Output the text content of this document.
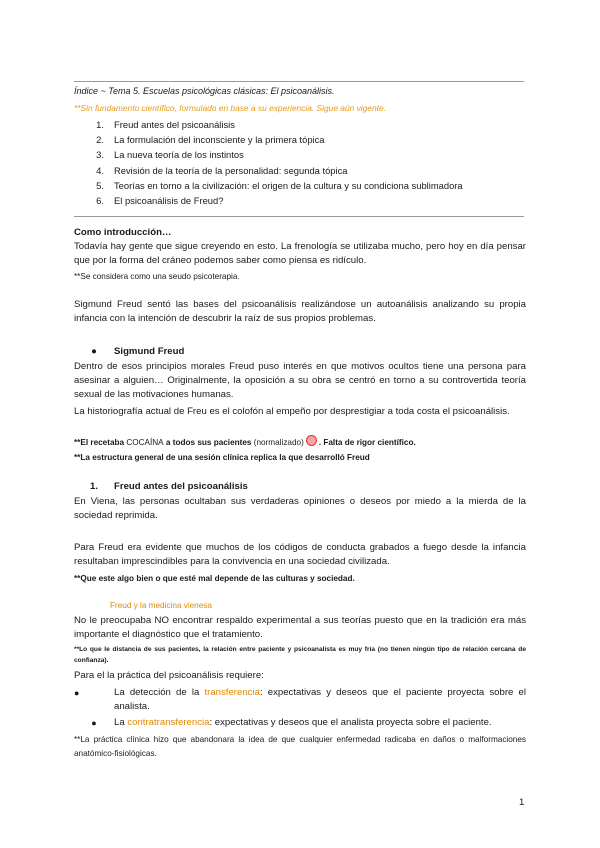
Índice ~ Tema 5. Escuelas psicológicas clásicas: El psicoanálisis.
**Sin fundamento científico, formulado en base a su experiencia. Sigue aún vigente.
1.	Freud antes del psicoanálisis
2.	La formulación del inconsciente y la primera tópica
3.	La nueva teoría de los instintos
4.	Revisión de la teoría de la personalidad: segunda tópica
5.	Teorías en torno a la civilización: el origen de la cultura y su condiciona sublimadora
6.	El psicoanálisis de Freud?
Como introducción…
Todavía hay gente que sigue creyendo en esto. La frenología se utilizaba mucho, pero hoy en día pensar que por la forma del cráneo podemos saber como piensa es ridículo.
**Se considera como una seudo psicoterapia.
Sigmund Freud sentó las bases del psicoanálisis realizándose un autoanálisis analizando su propia infancia con la intención de descubrir la raíz de sus propios problemas.
●	Sigmund Freud
Dentro de esos principios morales Freud puso interés en que motivos ocultos tiene una persona para asesinar a alguien… Originalmente, la oposición a su obra se centró en torno a su controvertida teoría sexual de las motivaciones humanas.
La historiografía actual de Freu es el colofón al empeño por desprestigiar a toda costa el psicoanálisis.
**El recetaba COCAÍNA a todos sus pacientes (normalizado) . Falta de rigor científico.
**La estructura general de una sesión clínica replica la que desarrolló Freud
1.	Freud antes del psicoanálisis
En Viena, las personas ocultaban sus verdaderas opiniones o deseos por miedo a la mierda de la sociedad reprimida.
Para Freud era evidente que muchos de los códigos de conducta grabados a fuego desde la infancia resultaban imprescindibles para la convivencia en una sociedad civilizada.
**Que este algo bien o que esté mal depende de las culturas y sociedad.
Freud y la medicina vienesa
No le preocupaba NO encontrar respaldo experimental a sus teorías puesto que en la tradición era más importante el diagnóstico que el tratamiento.
**Lo que le distancia de sus pacientes, la relación entre paciente y psicoanalista es muy fría (no tienen ningún tipo de relación cercana de confianza).
Para el la práctica del psicoanálisis requiere:
●	La detección de la transferencia: expectativas y deseos que el paciente proyecta sobre el analista.
●	La contratransferencia: expectativas y deseos que el analista proyecta sobre el paciente.
**La práctica clínica hizo que abandonara la idea de que cualquier enfermedad radicaba en daños o malformaciones anatómico-fisiológicas.
1
